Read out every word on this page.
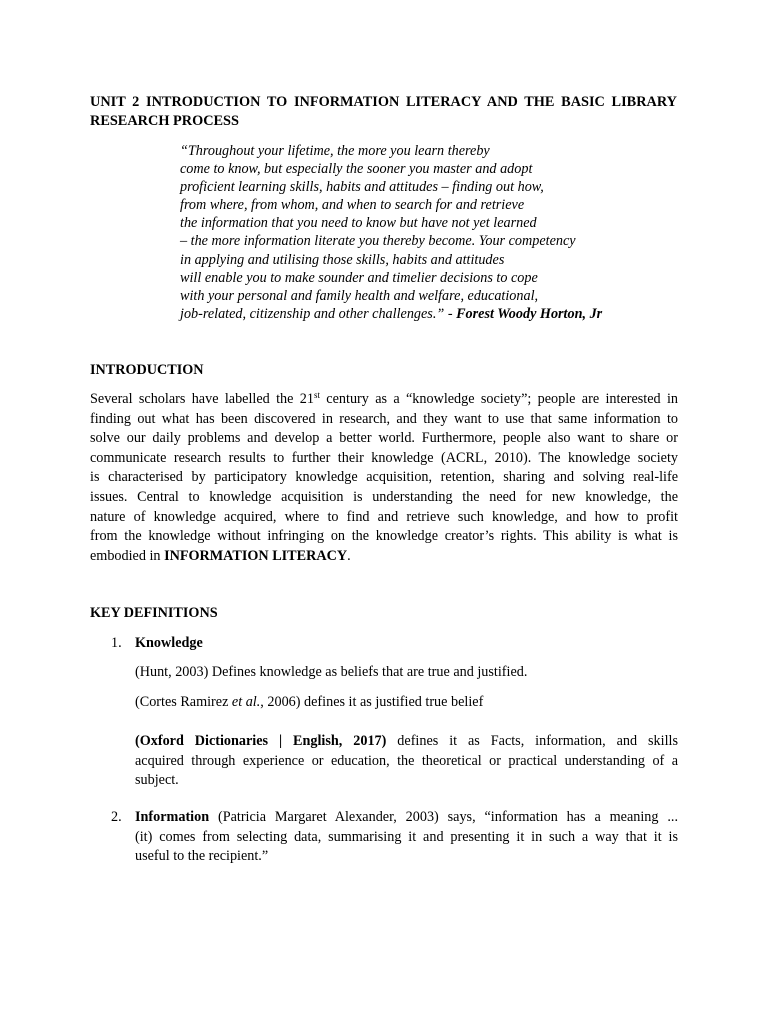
UNIT 2 INTRODUCTION TO INFORMATION LITERACY AND THE BASIC LIBRARY RESEARCH PROCESS
“Throughout your lifetime, the more you learn thereby
come to know, but especially the sooner you master and adopt
proficient learning skills, habits and attitudes – finding out how,
from where, from whom, and when to search for and retrieve
the information that you need to know but have not yet learned
– the more information literate you thereby become. Your competency
in applying and utilising those skills, habits and attitudes
will enable you to make sounder and timelier decisions to cope
with your personal and family health and welfare, educational,
job-related, citizenship and other challenges.” - Forest Woody Horton, Jr
INTRODUCTION
Several scholars have labelled the 21st century as a “knowledge society”; people are interested in
finding out what has been discovered in research, and they want to use that same information to
solve our daily problems and develop a better world. Furthermore, people also want to share or
communicate research results to further their knowledge (ACRL, 2010). The knowledge society
is characterised by participatory knowledge acquisition, retention, sharing and solving real-life
issues. Central to knowledge acquisition is understanding the need for new knowledge, the
nature of knowledge acquired, where to find and retrieve such knowledge, and how to profit
from the knowledge without infringing on the knowledge creator’s rights. This ability is what is
embodied in INFORMATION LITERACY.
KEY DEFINITIONS
1. Knowledge
(Hunt, 2003) Defines knowledge as beliefs that are true and justified.
(Cortes Ramirez et al., 2006) defines it as justified true belief
(Oxford Dictionaries | English, 2017) defines it as Facts, information, and skills
acquired through experience or education, the theoretical or practical understanding of a
subject.
2. Information (Patricia Margaret Alexander, 2003) says, “information has a meaning ...
(it) comes from selecting data, summarising it and presenting it in such a way that it is
useful to the recipient.”
